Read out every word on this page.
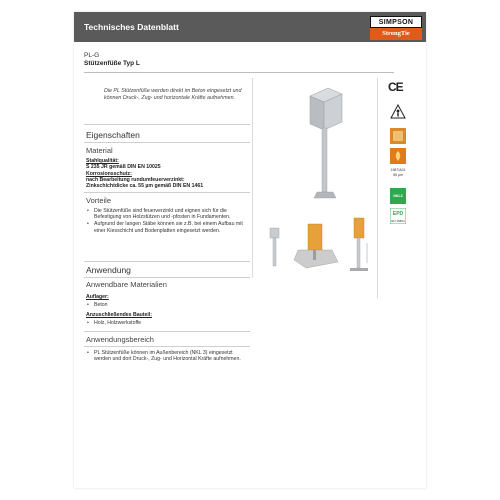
Technisches Datenblatt	SIMPSON
StrongTie
PL-G
Stützenfüße Typ L
Die PL Stützenfüße werden direkt im Beton eingesetzt und können Druck-, Zug- und horizontale Kräfte aufnehmen.
Eigenschaften
Material
Stahlqualität:
S 235 JR gemäß DIN EN 10025
Korrosionsschutz:
nach Bearbeitung rundumfeuerverzinkt:
Zinkschichtdicke ca. 55 µm gemäß DIN EN 1461
Vorteile
• Die Stützenfüße sind feuerverzinkt und eignen sich für die Befestigung von Holzstützen und -pfosten in Fundamenten.
• Aufgrund der langen Stäbe können sie z.B. bei einem Aufbau mit einer Kiesschicht und Bodenplatten eingesetzt werden.
Anwendung
Anwendbare Materialien
Auflager:
• Beton
Anzuschließendes Bauteil:
• Holz, Holzwerkstoffe
Anwendungsbereich
• PL Stützenfüße können im Außenbereich (NKL 3) eingesetzt werden und dort Druck-, Zug- und Horizontal Kräfte aufnehmen.
CE
1987/A01
55 µm
NKL3
EPD
EN 15804
